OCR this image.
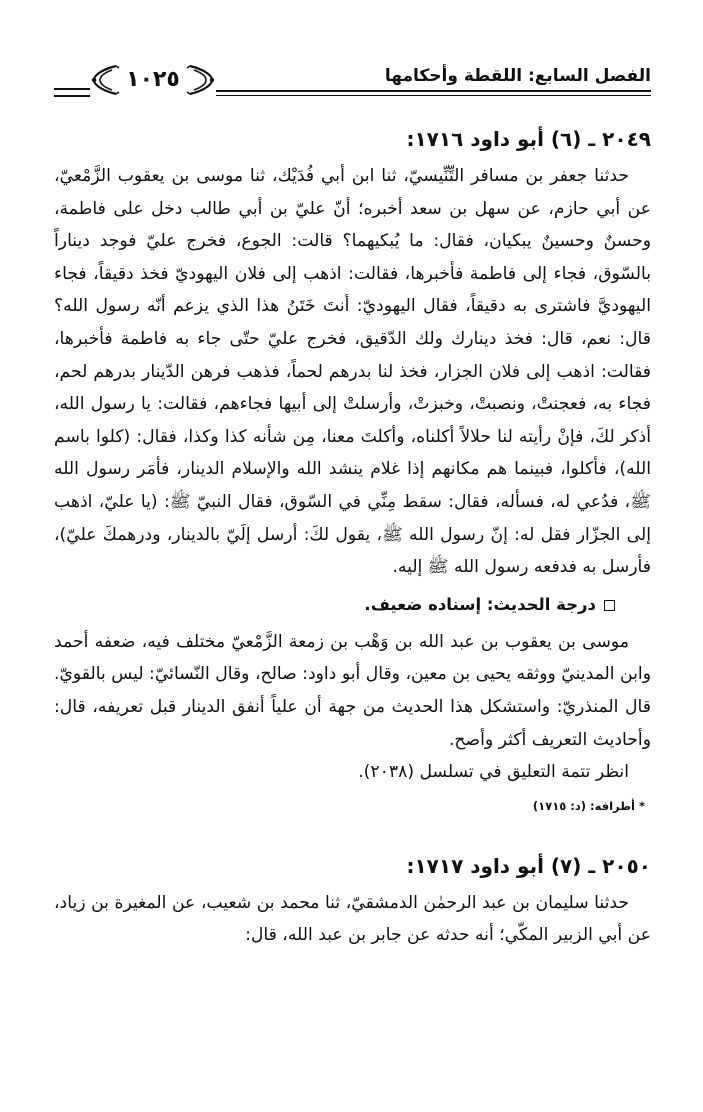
الفصل السابع: اللقطة وأحكامها
١٠٢٥
٢٠٤٩ ـ (٦) أبو داود ١٧١٦:

حدثنا جعفر بن مسافر التِّنِّيسيّ، ثنا ابن أبي فُدَيْك، ثنا موسى بن يعقوب الزَّمْعيّ، عن أبي حازم، عن سهل بن سعد أخبره؛ أنّ عليّ بن أبي طالب دخل على فاطمة، وحسنٌ وحسينٌ يبكيان، فقال: ما يُبكيهما؟ قالت: الجوع، فخرج عليّ فوجد ديناراً بالسّوق، فجاء إلى فاطمة فأخبرها، فقالت: اذهب إلى فلان اليهوديّ فخذ دقيقاً، فجاء اليهوديَّ فاشترى به دقيقاً، فقال اليهوديّ: أنتَ خَتَنُ هذا الذي يزعم أنّه رسول الله؟ قال: نعم، قال: فخذ دينارك ولك الدّقيق، فخرج عليّ حتّى جاء به فاطمة فأخبرها، فقالت: اذهب إلى فلان الجزار، فخذ لنا بدرهم لحماً، فذهب فرهن الدّينار بدرهم لحم، فجاء به، فعجنتْ، ونصبتْ، وخبزتْ، وأرسلتْ إلى أبيها فجاءهم، فقالت: يا رسول الله، أذكر لكَ، فإنْ رأيته لنا حلالاً أكلناه، وأكلتَ معنا، مِن شأنه كذا وكذا، فقال: (كلوا باسم الله)، فأكلوا، فبينما هم مكانهم إذا غلام ينشد الله والإسلام الدينار، فأمَر رسول الله ﷺ، فدُعي له، فسأله، فقال: سقط مِنِّي في السّوق، فقال النبيّ ﷺ: (يا عليّ، اذهب إلى الجزّار فقل له: إنّ رسول الله ﷺ، يقول لكَ: أرسل إلَيّ بالدينار، ودرهمكَ عليّ)، فأرسل به فدفعه رسول الله ﷺ إليه.

درجة الحديث: إسناده ضعيف.

موسى بن يعقوب بن عبد الله بن وَهْب بن زمعة الزَّمْعيّ مختلف فيه، ضعفه أحمد وابن المدينيّ ووثقه يحيى بن معين، وقال أبو داود: صالح، وقال النّسائيّ: ليس بالقويّ. قال المنذريّ: واستشكل هذا الحديث من جهة أن علياً أنفق الدينار قبل تعريفه، قال: وأحاديث التعريف أكثر وأصح.

انظر تتمة التعليق في تسلسل (٢٠٣٨).

* أطرافه: (د: ١٧١٥)
٢٠٥٠ ـ (٧) أبو داود ١٧١٧:

حدثنا سليمان بن عبد الرحمٰن الدمشقيّ، ثنا محمد بن شعيب، عن المغيرة بن زياد، عن أبي الزبير المكّي؛ أنه حدثه عن جابر بن عبد الله، قال:
